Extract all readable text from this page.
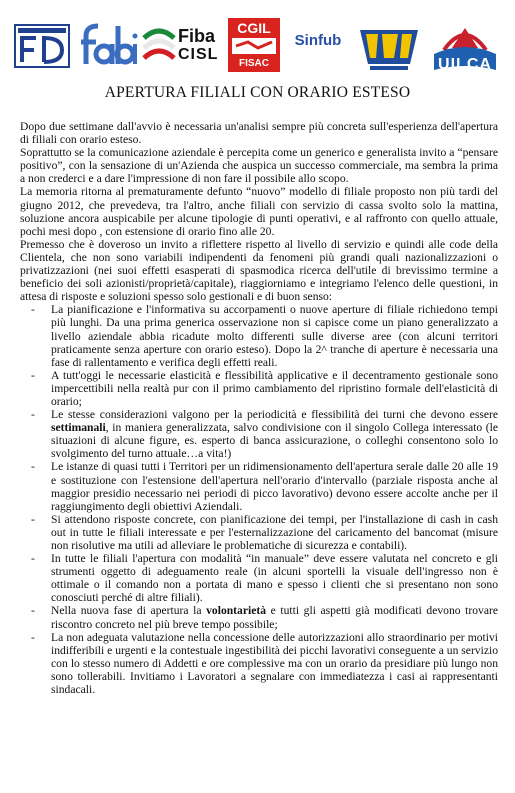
Fiba
CISL
CGIL
FISAC
Sinfub
UILCA
APERTURA FILIALI CON ORARIO ESTESO

Dopo due settimane dall'avvio è necessaria un'analisi sempre più concreta sull'esperienza dell'apertura di filiali con orario esteso.

Soprattutto se la comunicazione aziendale è percepita come un generico e generalista invito a “pensare positivo”, con la sensazione di un'Azienda che auspica un successo commerciale, ma sembra la prima a non crederci e a dare l'impressione di non fare il possibile allo scopo.

La memoria ritorna al prematuramente defunto “nuovo” modello di filiale proposto non più tardi del giugno 2012, che prevedeva, tra l'altro, anche filiali con servizio di cassa svolto solo la mattina, soluzione ancora auspicabile per alcune tipologie di punti operativi, e al raffronto con quello attuale, pochi mesi dopo , con estensione di orario fino alle 20.

Premesso che è doveroso un invito a riflettere rispetto al livello di servizio e quindi alle code della Clientela, che non sono variabili indipendenti da fenomeni più grandi quali nazionalizzazioni o privatizzazioni (nei suoi effetti esasperati di spasmodica ricerca dell'utile di brevissimo termine a beneficio dei soli azionisti/proprietà/capitale), riaggiorniamo e integriamo l'elenco delle questioni, in attesa di risposte e soluzioni spesso solo gestionali e di buon senso:

- La pianificazione e l'informativa su accorpamenti o nuove aperture di filiale richiedono tempi più lunghi. Da una prima generica osservazione non si capisce come un piano generalizzato a livello aziendale abbia ricadute molto differenti sulle diverse aree (con alcuni territori praticamente senza aperture con orario esteso). Dopo la 2^ tranche di aperture è necessaria una fase di rallentamento e verifica degli effetti reali.
- A tutt'oggi le necessarie elasticità e flessibilità applicative e il decentramento gestionale sono impercettibili nella realtà pur con il primo cambiamento del ripristino formale dell'elasticità di orario;
- Le stesse considerazioni valgono per la periodicità e flessibilità dei turni che devono essere settimanali, in maniera generalizzata, salvo condivisione con il singolo Collega interessato (le situazioni di alcune figure, es. esperto di banca assicurazione, o colleghi consentono solo lo svolgimento del turno attuale…a vita!)
- Le istanze di quasi tutti i Territori per un ridimensionamento dell'apertura serale dalle 20 alle 19 e sostituzione con l'estensione dell'apertura nell'orario d'intervallo (parziale risposta anche al maggior presidio necessario nei periodi di picco lavorativo) devono essere accolte anche per il raggiungimento degli obiettivi Aziendali.
- Si attendono risposte concrete, con pianificazione dei tempi, per l'installazione di cash in cash out in tutte le filiali interessate e per l'esternalizzazione del caricamento del bancomat (misure non risolutive ma utili ad alleviare le problematiche di sicurezza e contabili).
- In tutte le filiali l'apertura con modalità “in manuale” deve essere valutata nel concreto e gli strumenti oggetto di adeguamento reale (in alcuni sportelli la visuale dell'ingresso non è ottimale o il comando non a portata di mano e spesso i clienti che si presentano non sono conosciuti perché di altre filiali).
- Nella nuova fase di apertura la volontarietà e tutti gli aspetti già modificati devono trovare riscontro concreto nel più breve tempo possibile;
- La non adeguata valutazione nella concessione delle autorizzazioni allo straordinario per motivi indifferibili e urgenti e la contestuale ingestibilità dei picchi lavorativi conseguente a un servizio con lo stesso numero di Addetti e ore complessive ma con un orario da presidiare più lungo non sono tollerabili. Invitiamo i Lavoratori a segnalare con immediatezza i casi ai rappresentanti sindacali.
